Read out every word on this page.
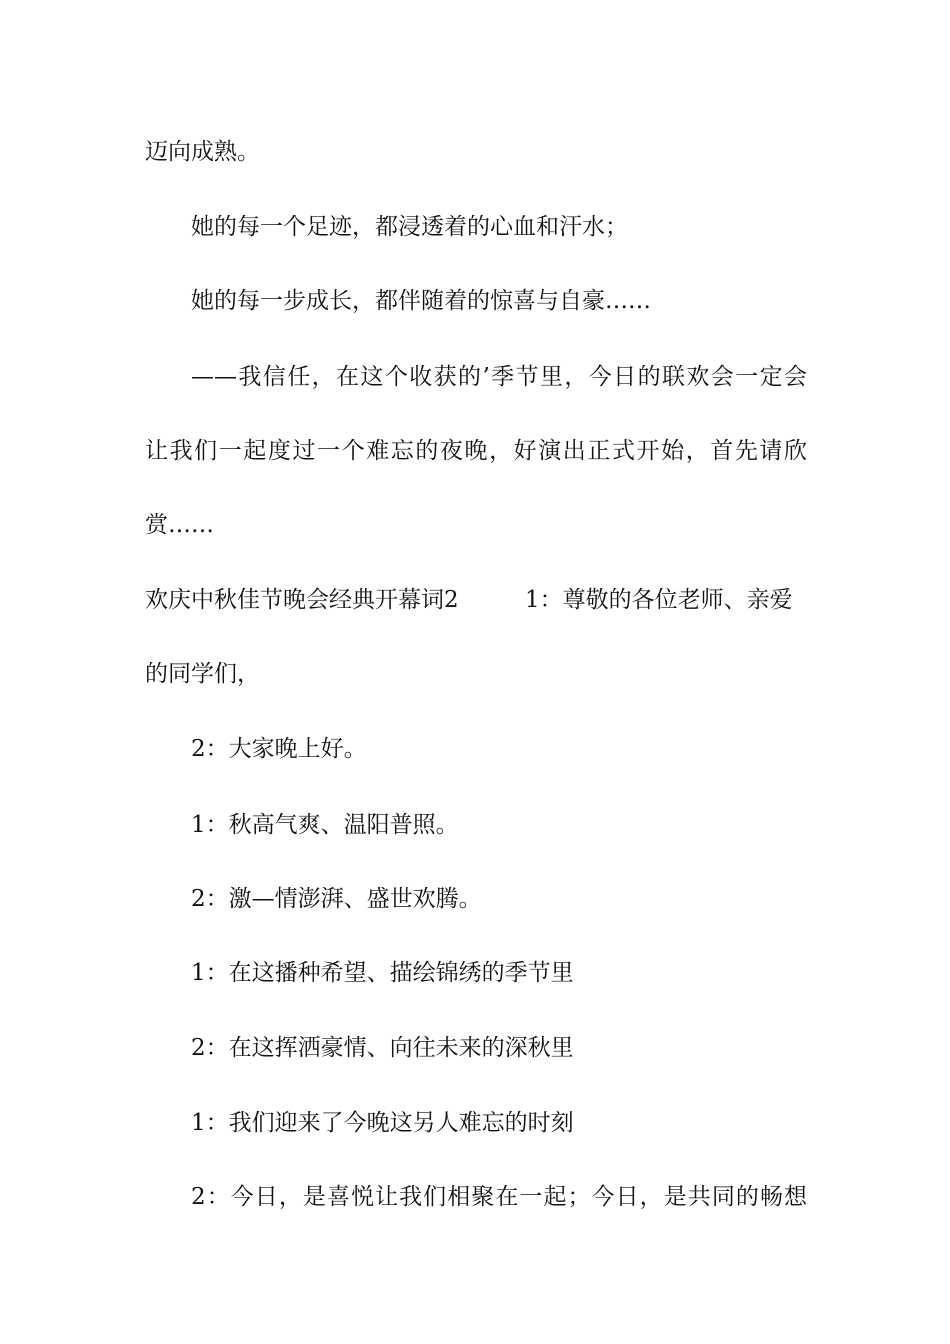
迈向成熟。
她的每一个足迹，都浸透着的心血和汗水；
她的每一步成长，都伴随着的惊喜与自豪……
——我信任，在这个收获的’季节里，今日的联欢会一定会
让我们一起度过一个难忘的夜晚，好演出正式开始，首先请欣
赏……
欢庆中秋佳节晚会经典开幕词2	1：尊敬的各位老师、亲爱
的同学们，
2：大家晚上好。
1：秋高气爽、温阳普照。
2：激—情澎湃、盛世欢腾。
1：在这播种希望、描绘锦绣的季节里
2：在这挥洒豪情、向往未来的深秋里
1：我们迎来了今晚这另人难忘的时刻
2：今日，是喜悦让我们相聚在一起；今日，是共同的畅想
